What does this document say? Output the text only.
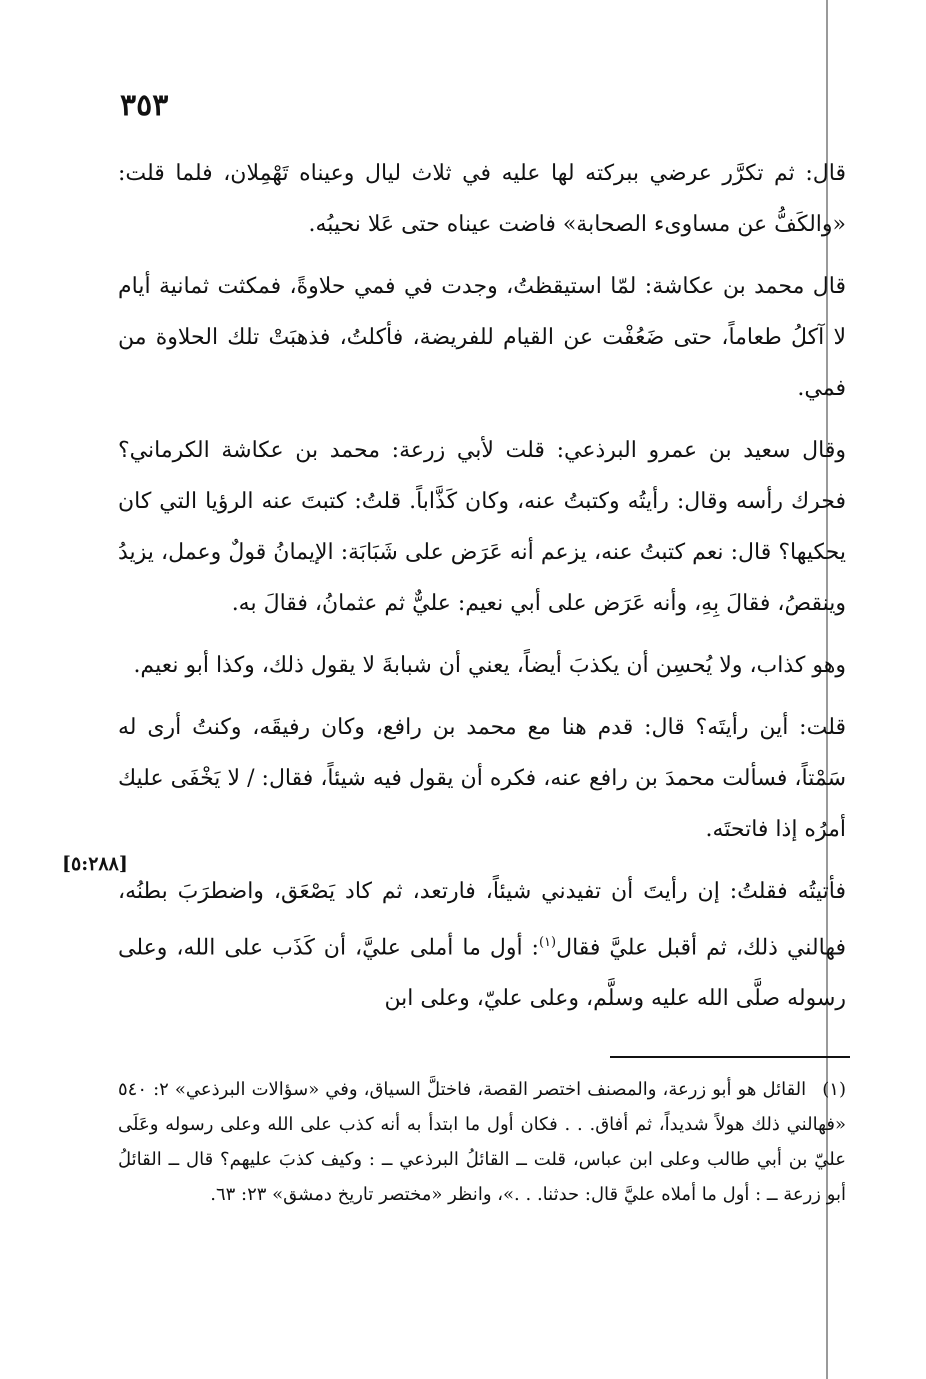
٣٥٣

قال: ثم تكرَّر عرضي ببركته لها عليه في ثلاث ليال وعيناه تَهْمِلان، فلما قلت: «والكَفُّ عن مساوىء الصحابة» فاضت عيناه حتى عَلا نحيبُه.

قال محمد بن عكاشة: لمّا استيقظتُ، وجدت في فمي حلاوةً، فمكثت ثمانية أيام لا آكلُ طعاماً، حتى ضَعُفْت عن القيام للفريضة، فأكلتُ، فذهبَتْ تلك الحلاوة من فمي.

وقال سعيد بن عمرو البرذعي: قلت لأبي زرعة: محمد بن عكاشة الكرماني؟ فحرك رأسه وقال: رأيتُه وكتبتُ عنه، وكان كَذَّاباً. قلتُ: كتبتَ عنه الرؤيا التي كان يحكيها؟ قال: نعم كتبتُ عنه، يزعم أنه عَرَض على شَبَابَة: الإيمانُ قولٌ وعمل، يزيدُ وينقصُ، فقالَ بِهِ، وأنه عَرَض على أبي نعيم: عليٌّ ثم عثمانُ، فقالَ به.

وهو كذاب، ولا يُحسِن أن يكذبَ أيضاً، يعني أن شبابةَ لا يقول ذلك، وكذا أبو نعيم.

قلت: أين رأيتَه؟ قال: قدم هنا مع محمد بن رافع، وكان رفيقَه، وكنتُ أرى له سَمْتاً، فسألت محمدَ بن رافع عنه، فكره أن يقول فيه شيئاً، فقال: / لا يَخْفَى عليك أمرُه إذا فاتحتَه.

فأتيتُه فقلتُ: إن رأيتَ أن تفيدني شيئاً، فارتعد، ثم كاد يَصْعَق، واضطرَبَ بطنُه، فهالني ذلك، ثم أقبل عليَّ فقال$^{(١)}$: أول ما أملى عليَّ، أن كَذَب على الله، وعلى رسوله صلَّى الله عليه وسلَّم، وعلى عليّ، وعلى ابن

[٥:٢٨٨]
(١) القائل هو أبو زرعة، والمصنف اختصر القصة، فاختلَّ السياق، وفي «سؤالات البرذعي» ٢: ٥٤٠ «فهالني ذلك هولاً شديداً، ثم أفاق. . . فكان أول ما ابتدأ به أنه كذب على الله وعلى رسوله وعَلَى عليّ بن أبي طالب وعلى ابن عباس، قلت ــ القائلُ البرذعي ــ : وكيف كذبَ عليهم؟ قال ــ القائلُ أبو زرعة ــ : أول ما أملاه عليَّ قال: حدثنا. . .»، وانظر «مختصر تاريخ دمشق» ٢٣: ٦٣.
